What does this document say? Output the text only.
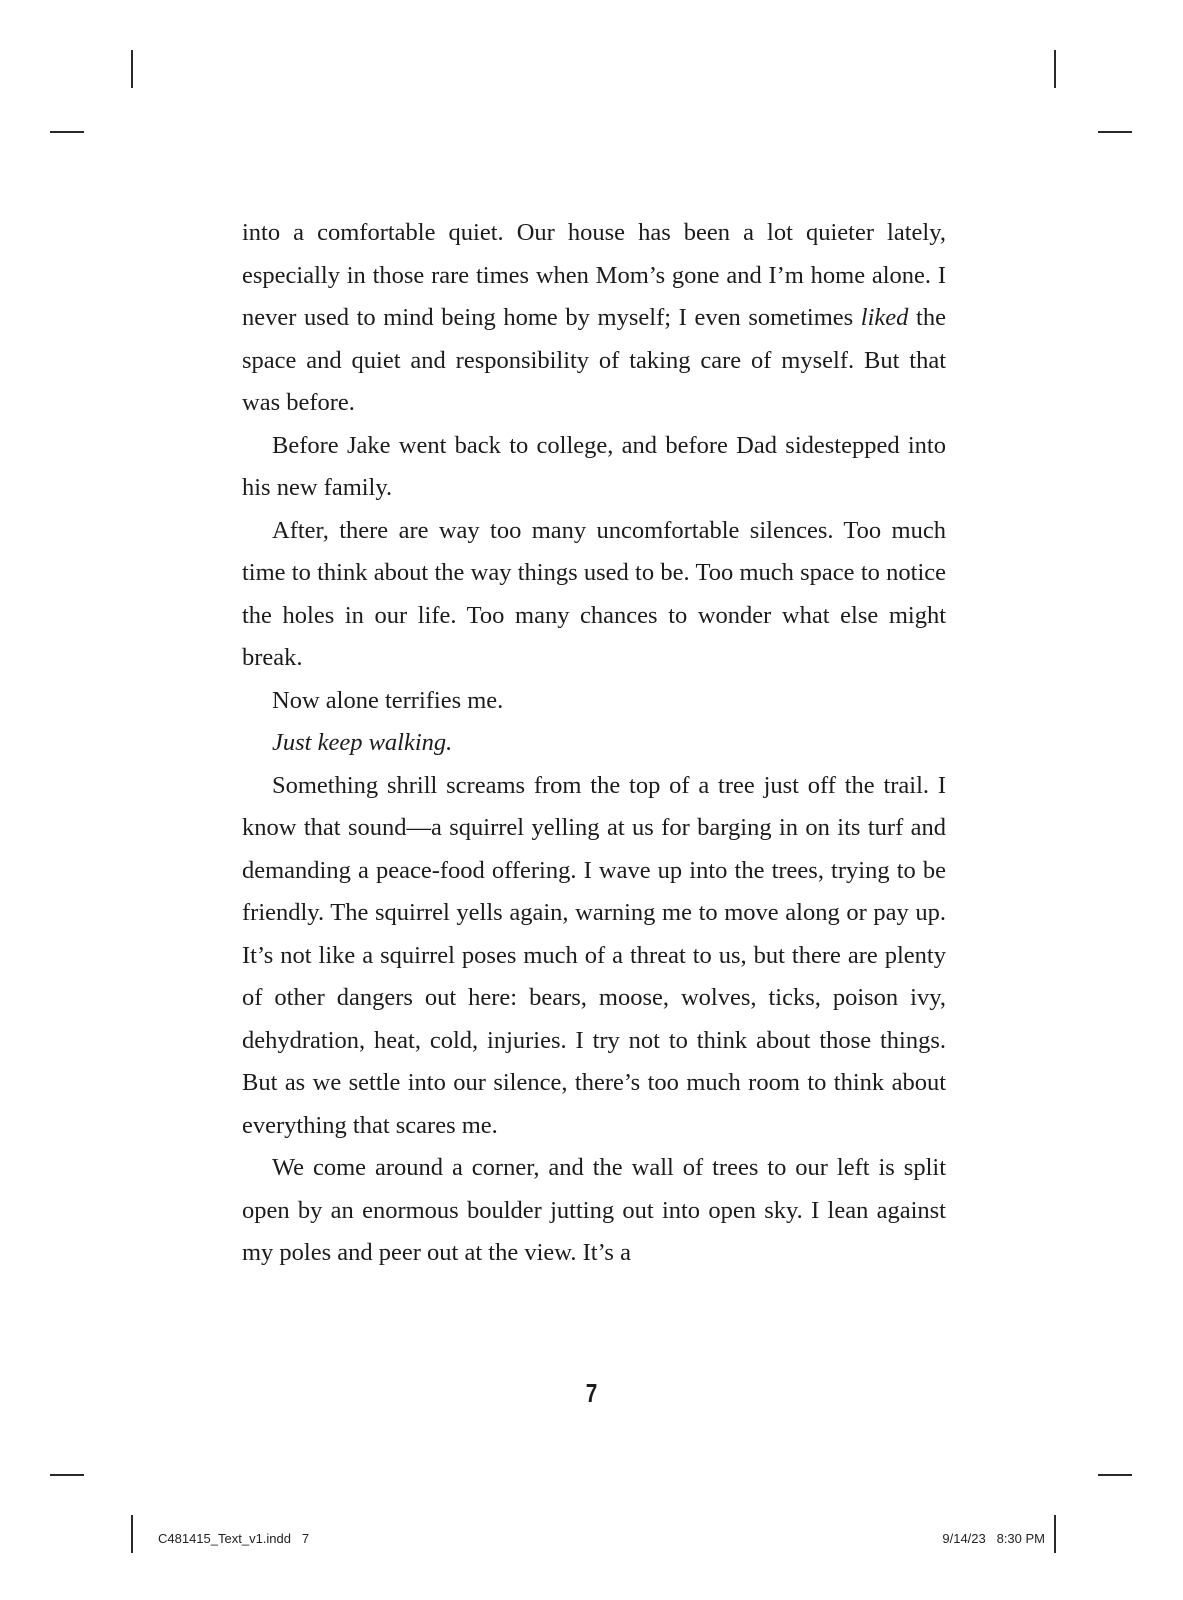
into a comfortable quiet. Our house has been a lot quieter lately, especially in those rare times when Mom’s gone and I’m home alone. I never used to mind being home by myself; I even sometimes liked the space and quiet and responsibility of taking care of myself. But that was before.

Before Jake went back to college, and before Dad sidestepped into his new family.

After, there are way too many uncomfortable silences. Too much time to think about the way things used to be. Too much space to notice the holes in our life. Too many chances to wonder what else might break.

Now alone terrifies me.

Just keep walking.

Something shrill screams from the top of a tree just off the trail. I know that sound—a squirrel yelling at us for barging in on its turf and demanding a peace-food offering. I wave up into the trees, trying to be friendly. The squirrel yells again, warning me to move along or pay up. It’s not like a squirrel poses much of a threat to us, but there are plenty of other dangers out here: bears, moose, wolves, ticks, poison ivy, dehydration, heat, cold, injuries. I try not to think about those things. But as we settle into our silence, there’s too much room to think about everything that scares me.

We come around a corner, and the wall of trees to our left is split open by an enormous boulder jutting out into open sky. I lean against my poles and peer out at the view. It’s a

7
C481415_Text_v1.indd   7	9/14/23   8:30 PM
